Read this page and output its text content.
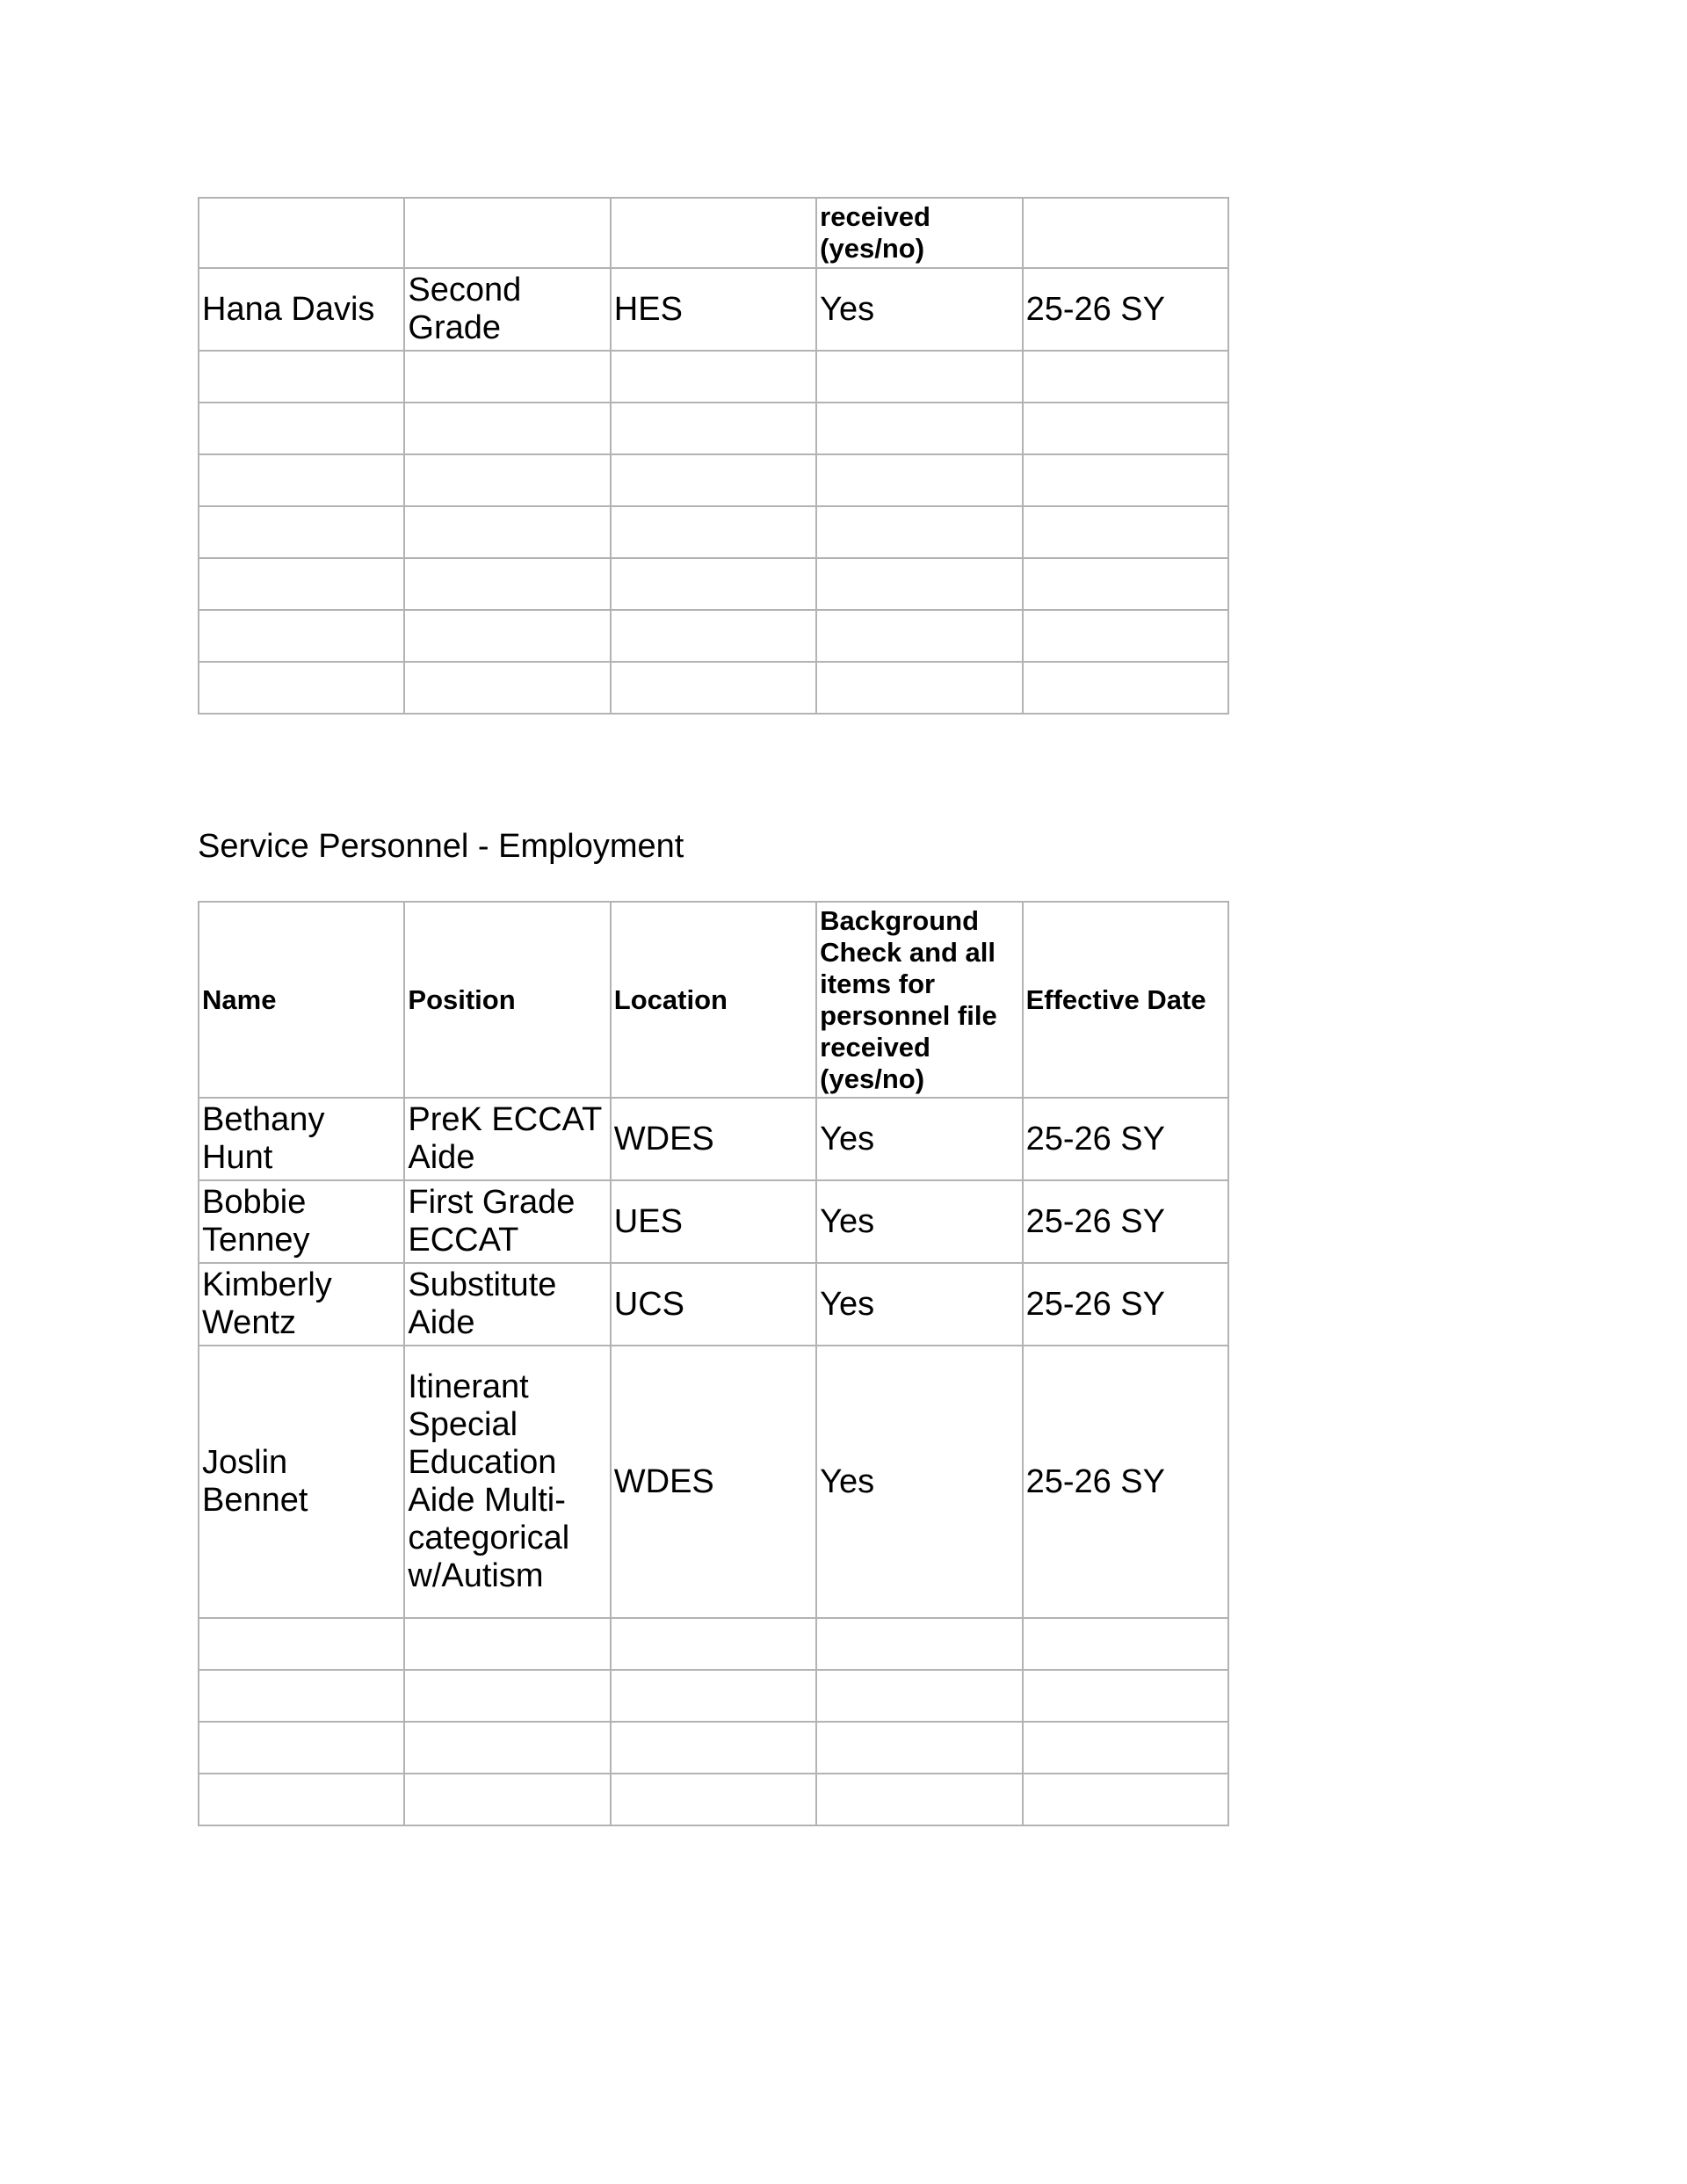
			received
(yes/no)	
Hana Davis	Second Grade	HES	Yes	25-26 SY

Service Personnel - Employment
Name	Position	Location	Background Check and all items for personnel file received (yes/no)	Effective Date
Bethany Hunt	PreK ECCAT Aide	WDES	Yes	25-26 SY
Bobbie Tenney	First Grade ECCAT	UES	Yes	25-26 SY
Kimberly Wentz	Substitute Aide	UCS	Yes	25-26 SY
Joslin Bennet	Itinerant Special Education Aide Multi-categorical w/Autism	WDES	Yes	25-26 SY
